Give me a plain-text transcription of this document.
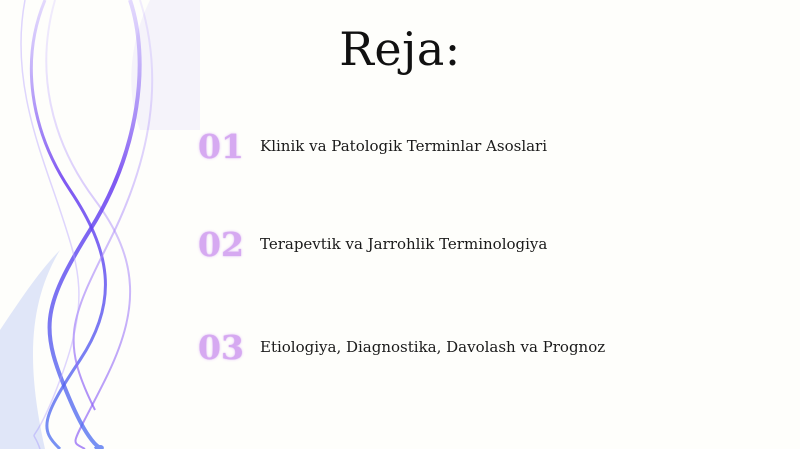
Reja:
01	Klinik va Patologik Terminlar Asoslari
02	Terapevtik va Jarrohlik Terminologiya
03	Etiologiya, Diagnostika, Davolash va Prognoz
